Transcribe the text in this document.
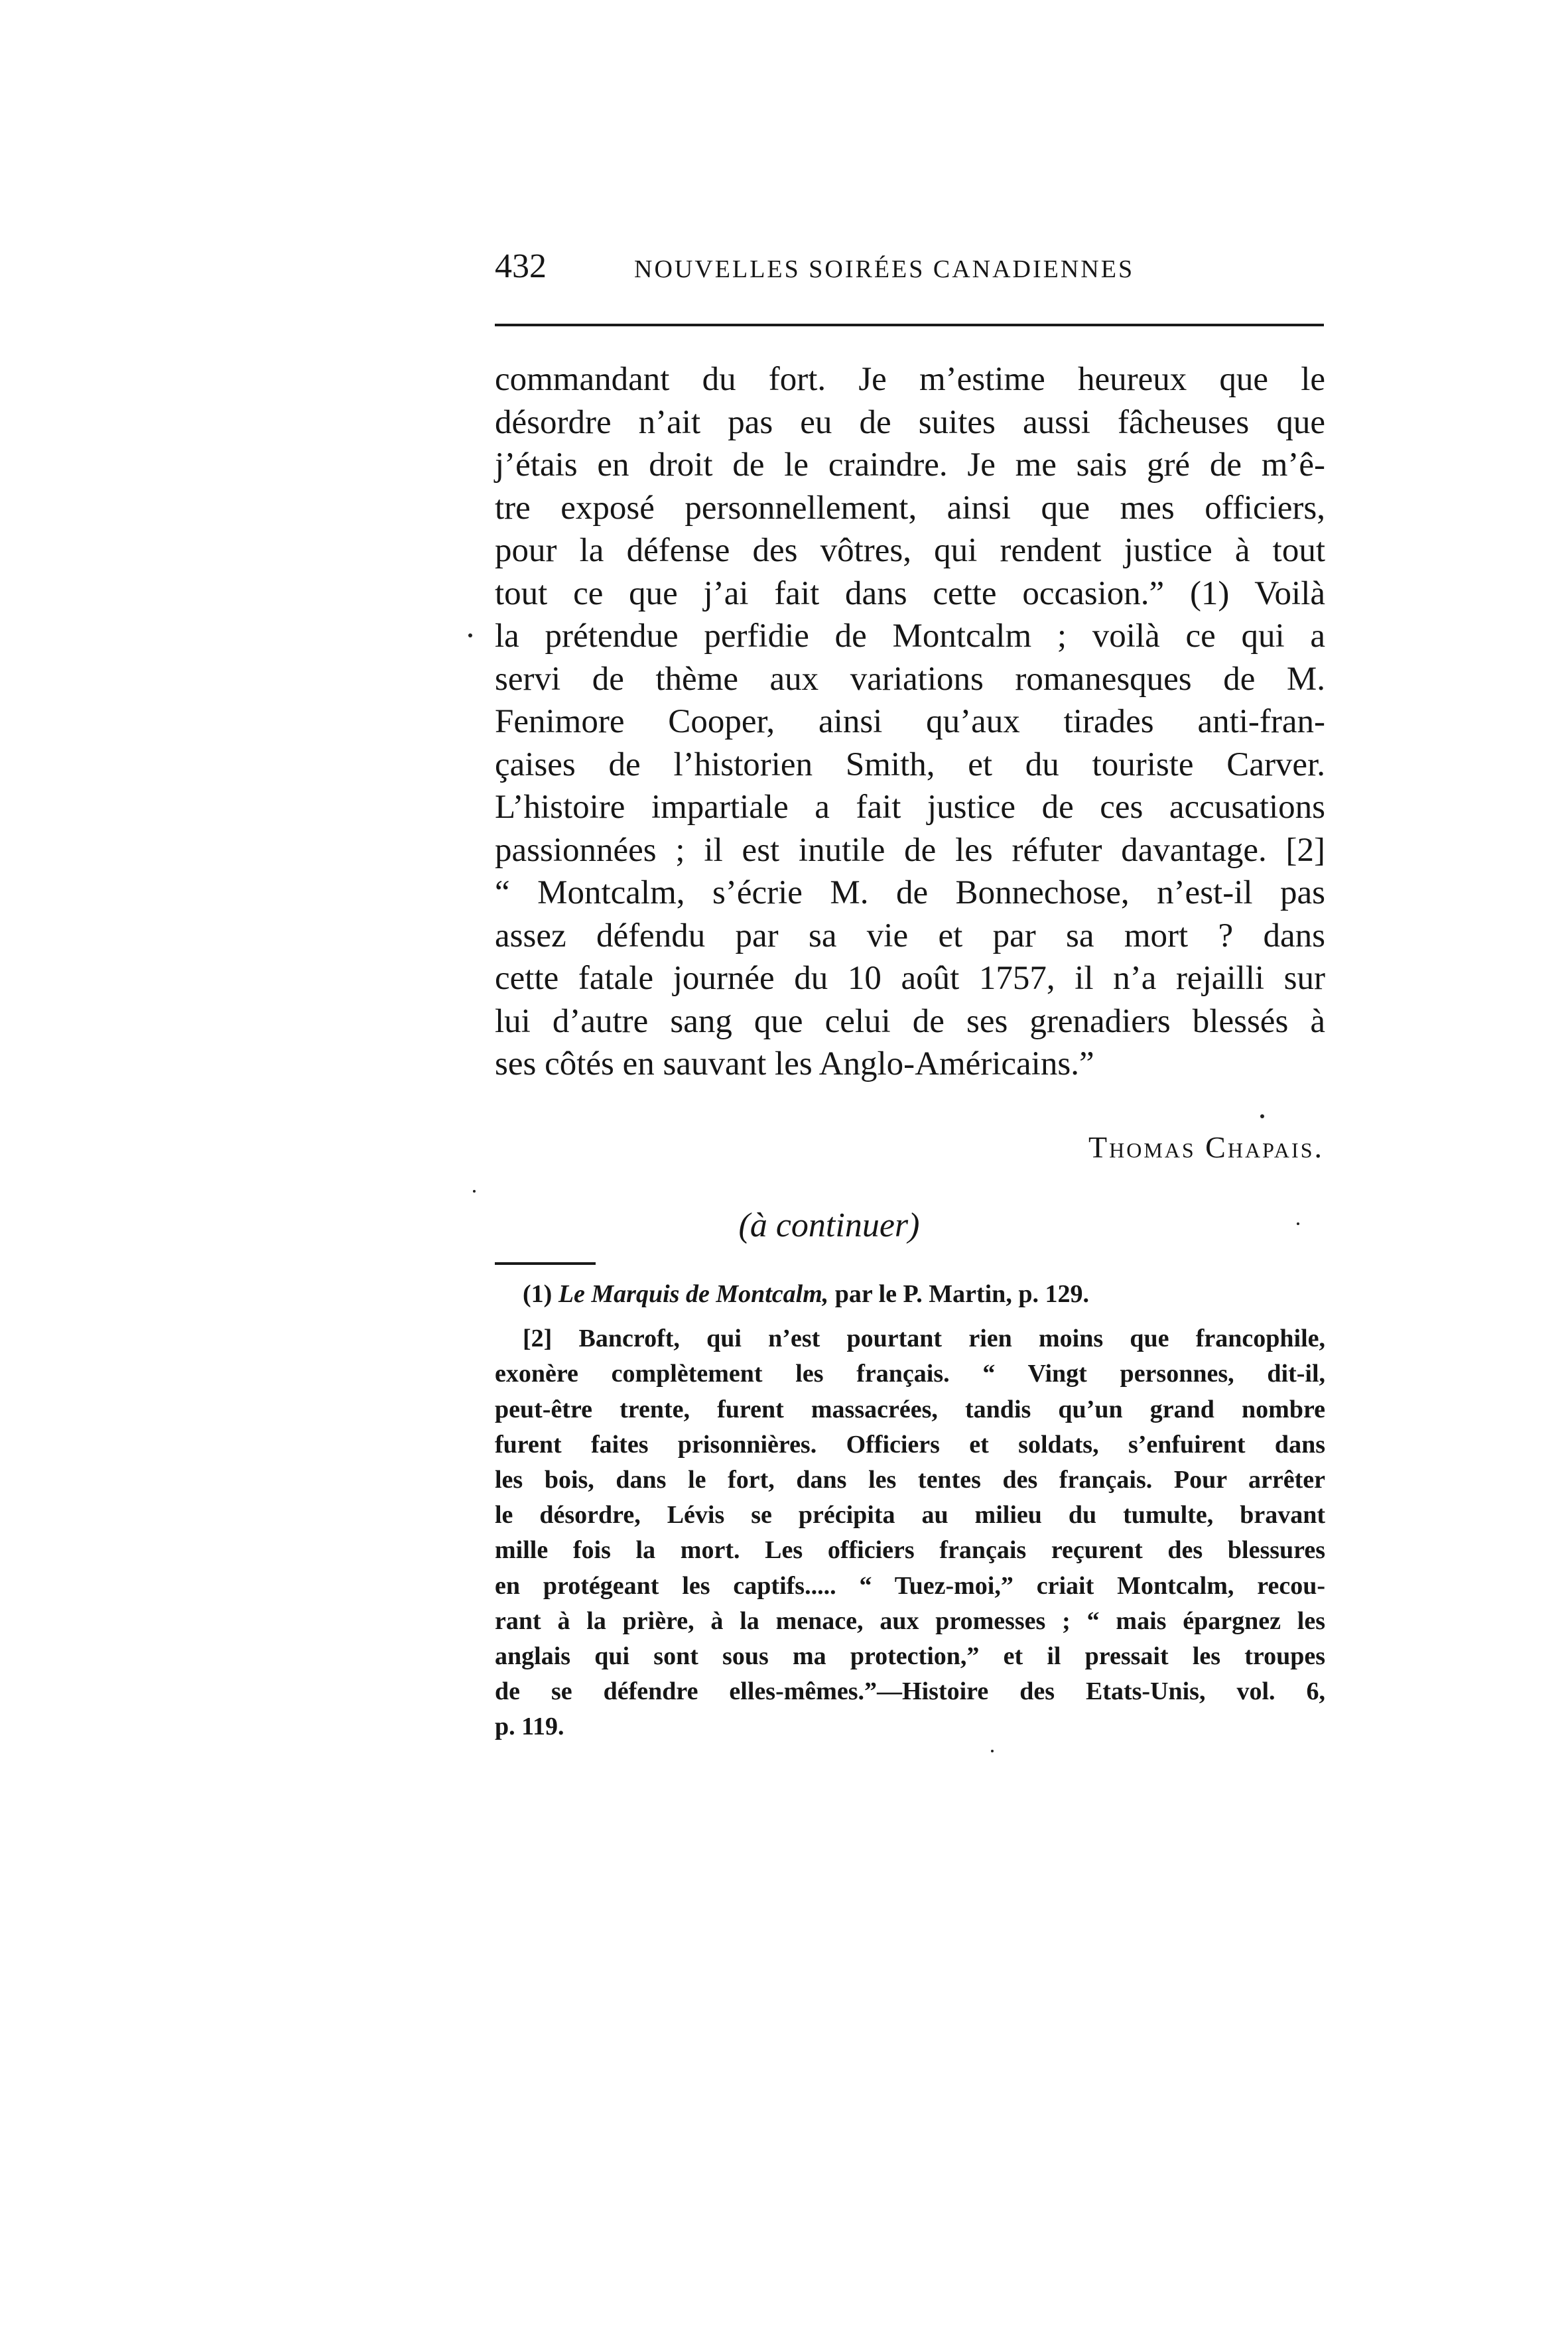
432	NOUVELLES SOIRÉES CANADIENNES
commandant du fort. Je m’estime heureux que le
désordre n’ait pas eu de suites aussi fâcheuses que
j’étais en droit de le craindre. Je me sais gré de m’ê-
tre exposé personnellement, ainsi que mes officiers,
pour la défense des vôtres, qui rendent justice à tout
tout ce que j’ai fait dans cette occasion.” (1) Voilà
la prétendue perfidie de Montcalm ; voilà ce qui a
servi de thème aux variations romanesques de M.
Fenimore Cooper, ainsi qu’aux tirades anti-fran-
çaises de l’historien Smith, et du touriste Carver.
L’histoire impartiale a fait justice de ces accusations
passionnées ; il est inutile de les réfuter davantage. [2]
“ Montcalm, s’écrie M. de Bonnechose, n’est-il pas
assez défendu par sa vie et par sa mort ? dans
cette fatale journée du 10 août 1757, il n’a rejailli sur
lui d’autre sang que celui de ses grenadiers blessés à
ses côtés en sauvant les Anglo-Américains.”
Thomas Chapais.
(à continuer)
(1) Le Marquis de Montcalm, par le P. Martin, p. 129.
[2] Bancroft, qui n’est pourtant rien moins que francophile,
exonère complètement les français. “ Vingt personnes, dit-il,
peut-être trente, furent massacrées, tandis qu’un grand nombre
furent faites prisonnières. Officiers et soldats, s’enfuirent dans
les bois, dans le fort, dans les tentes des français. Pour arrêter
le désordre, Lévis se précipita au milieu du tumulte, bravant
mille fois la mort. Les officiers français reçurent des blessures
en protégeant les captifs..... “ Tuez-moi,” criait Montcalm, recou-
rant à la prière, à la menace, aux promesses ; “ mais épargnez les
anglais qui sont sous ma protection,” et il pressait les troupes
de se défendre elles-mêmes.”—Histoire des Etats-Unis, vol. 6,
p. 119.
